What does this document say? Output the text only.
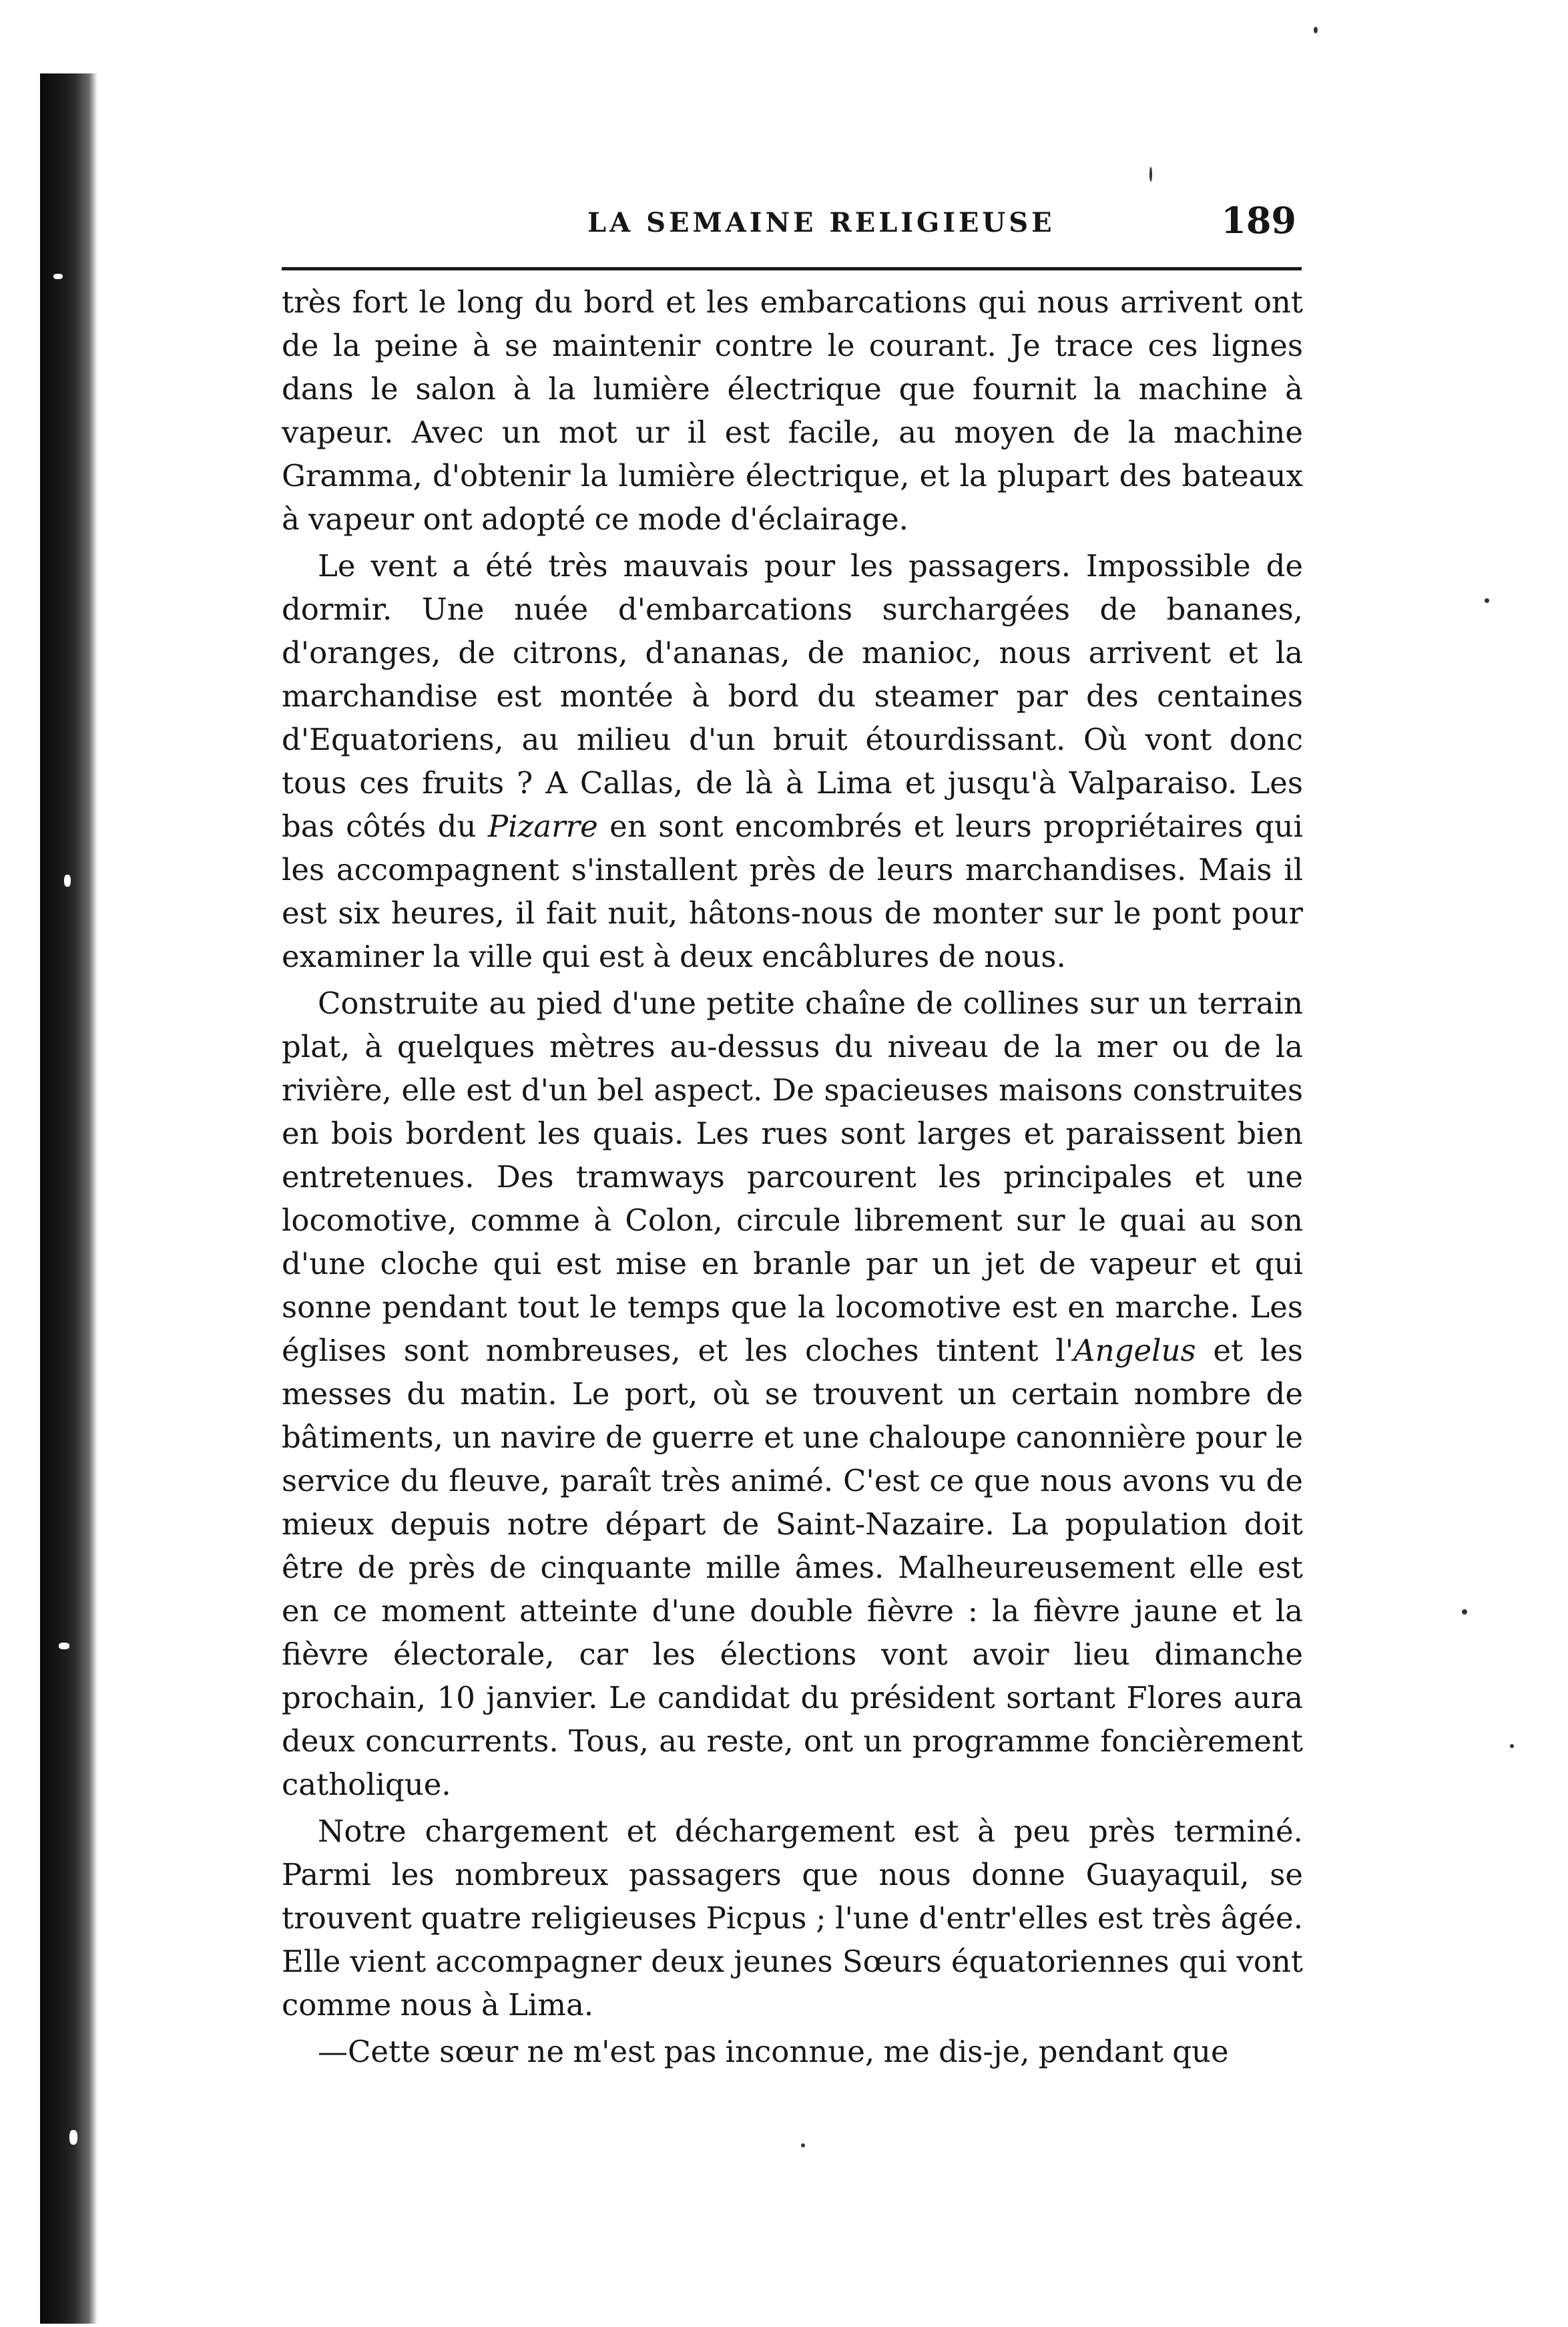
LA SEMAINE RELIGIEUSE	189

très fort le long du bord et les embarcations qui nous arrivent ont de la peine à se maintenir contre le courant. Je trace ces lignes dans le salon à la lumière électrique que fournit la machine à vapeur. Avec un mot ur il est facile, au moyen de la machine Gramma, d'obtenir la lumière électrique, et la plupart des bateaux à vapeur ont adopté ce mode d'éclairage.

Le vent a été très mauvais pour les passagers. Impossible de dormir. Une nuée d'embarcations surchargées de bananes, d'oranges, de citrons, d'ananas, de manioc, nous arrivent et la marchandise est montée à bord du steamer par des centaines d'Equatoriens, au milieu d'un bruit étourdissant. Où vont donc tous ces fruits ? A Callas, de là à Lima et jusqu'à Valparaiso. Les bas côtés du Pizarre en sont encombrés et leurs propriétaires qui les accompagnent s'installent près de leurs marchandises. Mais il est six heures, il fait nuit, hâtons-nous de monter sur le pont pour examiner la ville qui est à deux encâblures de nous.

Construite au pied d'une petite chaîne de collines sur un terrain plat, à quelques mètres au-dessus du niveau de la mer ou de la rivière, elle est d'un bel aspect. De spacieuses maisons construites en bois bordent les quais. Les rues sont larges et paraissent bien entretenues. Des tramways parcourent les principales et une locomotive, comme à Colon, circule librement sur le quai au son d'une cloche qui est mise en branle par un jet de vapeur et qui sonne pendant tout le temps que la locomotive est en marche. Les églises sont nombreuses, et les cloches tintent l'Angelus et les messes du matin. Le port, où se trouvent un certain nombre de bâtiments, un navire de guerre et une chaloupe canonnière pour le service du fleuve, paraît très animé. C'est ce que nous avons vu de mieux depuis notre départ de Saint-Nazaire. La population doit être de près de cinquante mille âmes. Malheureusement elle est en ce moment atteinte d'une double fièvre : la fièvre jaune et la fièvre électorale, car les élections vont avoir lieu dimanche prochain, 10 janvier. Le candidat du président sortant Flores aura deux concurrents. Tous, au reste, ont un programme foncièrement catholique.

Notre chargement et déchargement est à peu près terminé. Parmi les nombreux passagers que nous donne Guayaquil, se trouvent quatre religieuses Picpus ; l'une d'entr'elles est très âgée. Elle vient accompagner deux jeunes Sœurs équatoriennes qui vont comme nous à Lima.

—Cette sœur ne m'est pas inconnue, me dis-je, pendant que
